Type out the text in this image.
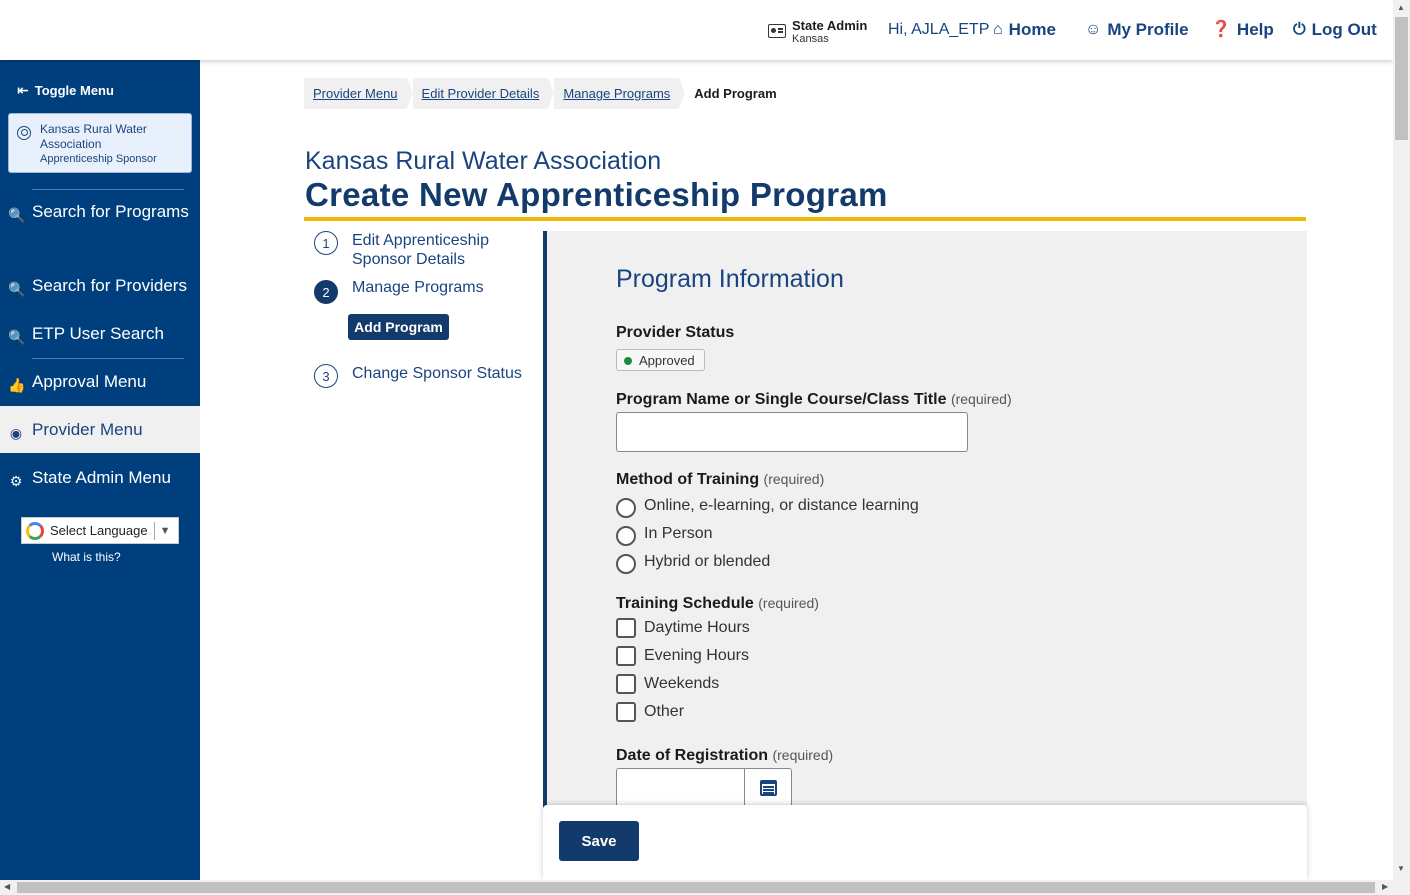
State Admin
Kansas
Hi, AJLA_ETP ⌂ Home ☺ My Profile ❓ Help ⏻ Log Out
⇤ Toggle Menu
Kansas Rural Water Association
Apprenticeship Sponsor
🔍 Search for Programs
🔍 Search for Providers
🔍 ETP User Search
👍 Approval Menu
◉ Provider Menu
⚙ State Admin Menu
Select Language ▼
What is this?
Provider Menu	Edit Provider Details	Manage Programs	Add Program
Kansas Rural Water Association
Create New Apprenticeship Program
1	Edit Apprenticeship Sponsor Details
2	Manage Programs
Add Program
3	Change Sponsor Status
Program Information
Provider Status
Approved
Program Name or Single Course/Class Title (required)
Method of Training (required)
Online, e-learning, or distance learning
In Person
Hybrid or blended
Training Schedule (required)
Daytime Hours
Evening Hours
Weekends
Other
Date of Registration (required)
Save
▲
▼
◀	▶
